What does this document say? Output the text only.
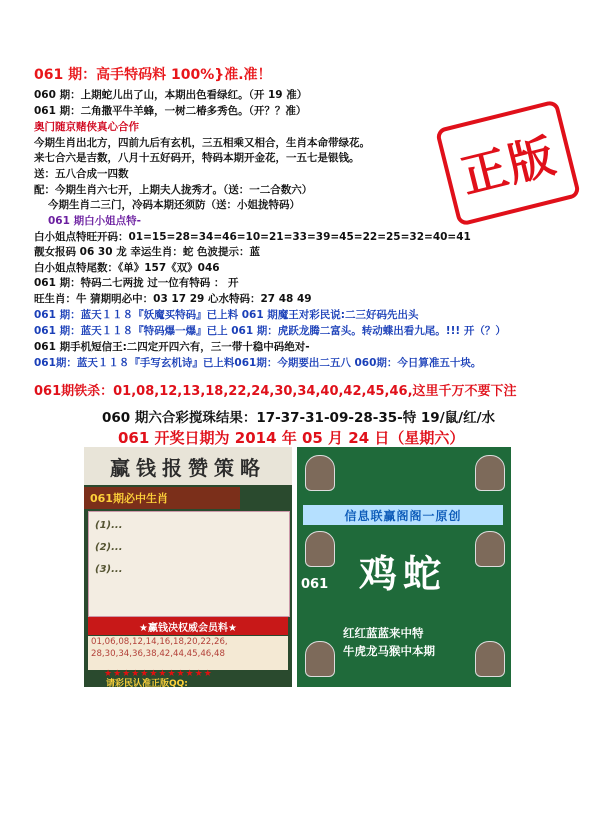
061 期：高手特码料 100%}准.准！
正版
060 期：上期蛇儿出了山，本期出色看绿红。（开 19 准）
061 期：二角撒平牛羊蜂，一树二椿多秀色。（开？？准）
奥门随京赌侠真心合作
今期生肖出北方，四前九后有玄机，三五相乘又相合，生肖本命带绿花。
来七合六是吉数，八月十五好码开，特码本期开金花，一五七是银钱。
送：五八合成一四数
配：今期生肖六七开，上期夫人拢秀才。（送：一二合数六）
今期生肖二三门，冷码本期还须防（送：小姐拢特码）
061 期白小姐点特-
白小姐点特旺开码：01=15=28=34=46=10=21=33=39=45=22=25=32=40=41
靓女报码 06 30 龙 幸运生肖：蛇 色波提示：蓝
白小姐点特尾数：《单》157《双》046
061 期：特码二七两拢 过一位有特码 ： 开
旺生肖：牛 猜期明必中：03 17 29 心水特码：27 48 49
061 期：蓝天１１８『妖魔买特码』已上料 061 期魔王对彩民说:二三好码先出头
061 期：蓝天１１８『特码爆一爆』已上 061 期：虎跃龙腾二富头。转动蝶出看九尾。!!! 开（？）
061 期手机短信王:二四定开四六有，三一带十稳中码绝对-
061期：蓝天１１８『手写玄机诗』已上料061期：今期要出二五八 060期：今日算准五十块。
061期铁杀：01,08,12,13,18,22,24,30,34,40,42,45,46,这里千万不要下注
060 期六合彩搅珠结果：17-37-31-09-28-35-特 19/鼠/红/水
061 开奖日期为 2014 年 05 月 24 日（星期六）
赢钱报赞策略
061期必中生肖
(1)...
(2)...
(3)...
★赢钱决权威会员料★
01,06,08,12,14,16,18,20,22,26, 28,30,34,36,38,42,44,45,46,48
★★★★★★★★★★★★
请彩民认准正版QQ:
信息联赢阁阁一原创
061 鸡蛇
红红蓝蓝来中特
牛虎龙马猴中本期
